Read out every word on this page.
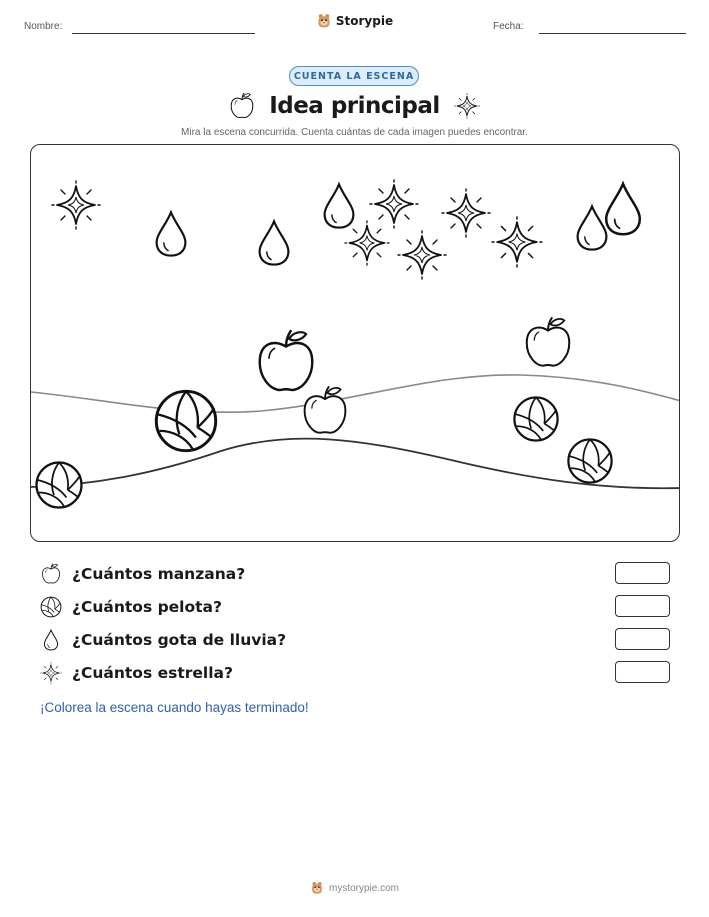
Nombre:	Storypie	Fecha:
CUENTA LA ESCENA
Idea principal
Mira la escena concurrida. Cuenta cuántas de cada imagen puedes encontrar.
¿Cuántos manzana?
¿Cuántos pelota?
¿Cuántos gota de lluvia?
¿Cuántos estrella?
¡Colorea la escena cuando hayas terminado!
mystorypie.com
